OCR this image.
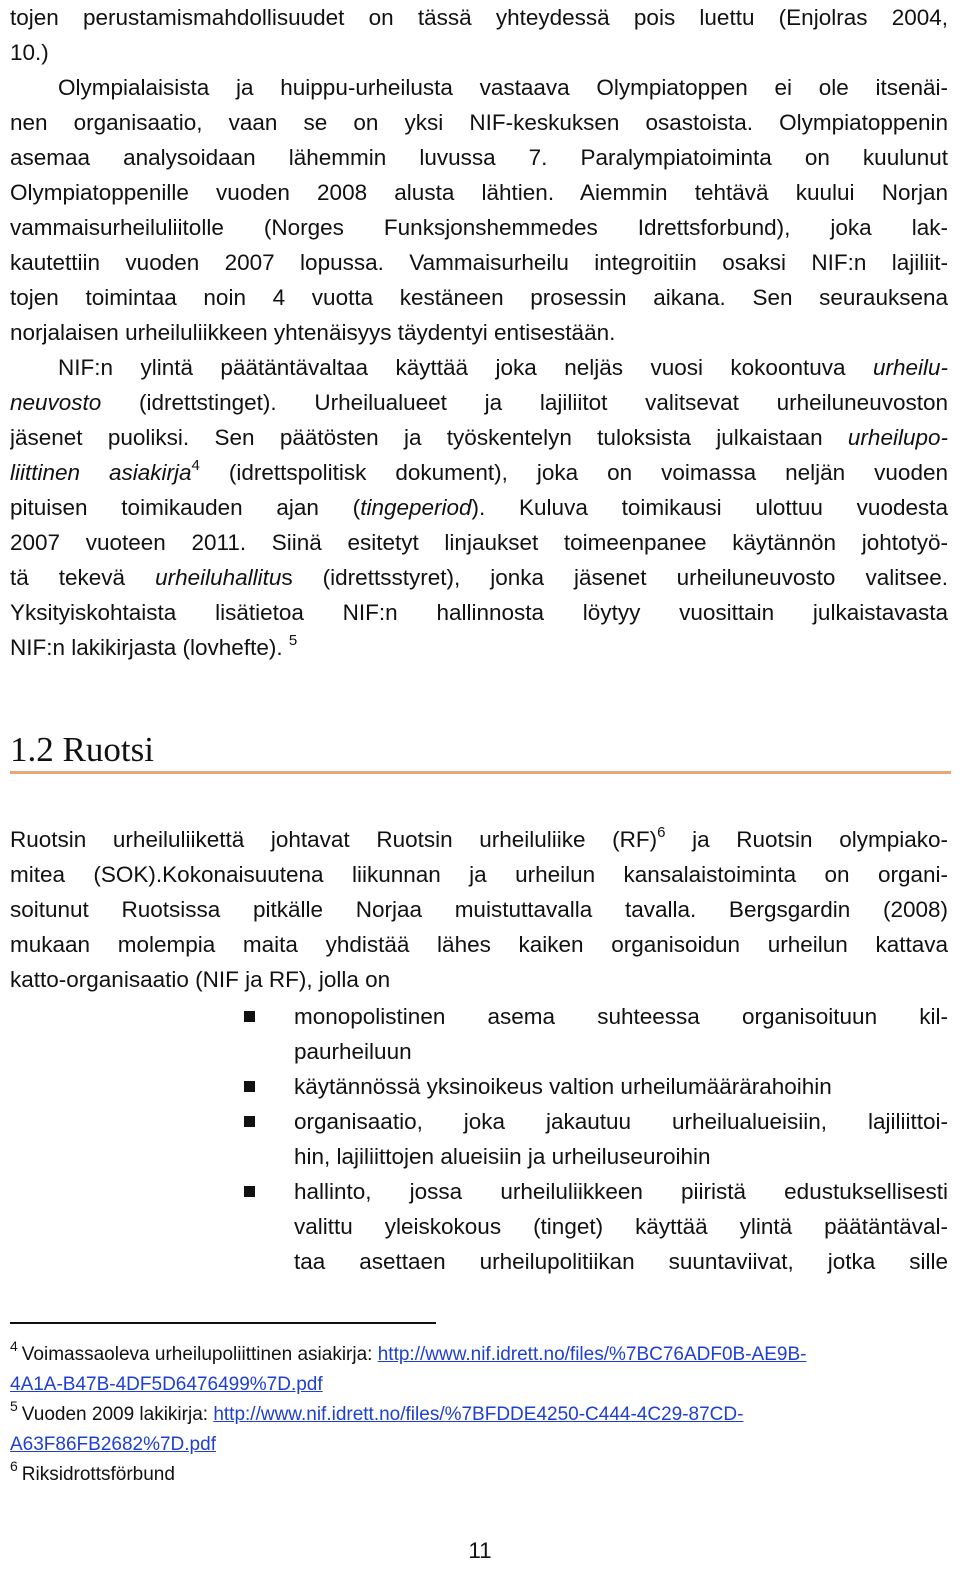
tojen perustamismahdollisuudet on tässä yhteydessä pois luettu (Enjolras 2004,
10.)
Olympialaisista ja huippu-urheilusta vastaava Olympiatoppen ei ole itsenäi-
nen organisaatio, vaan se on yksi NIF-keskuksen osastoista. Olympiatoppenin
asemaa analysoidaan lähemmin luvussa 7. Paralympiatoiminta on kuulunut
Olympiatoppenille vuoden 2008 alusta lähtien. Aiemmin tehtävä kuului Norjan
vammaisurheiluliitolle (Norges Funksjonshemmedes Idrettsforbund), joka lak-
kautettiin vuoden 2007 lopussa. Vammaisurheilu integroitiin osaksi NIF:n lajiliit-
tojen toimintaa noin 4 vuotta kestäneen prosessin aikana. Sen seurauksena
norjalaisen urheiluliikkeen yhtenäisyys täydentyi entisestään.
NIF:n ylintä päätäntävaltaa käyttää joka neljäs vuosi kokoontuva urheilu-
neuvosto (idrettstinget). Urheilualueet ja lajiliitot valitsevat urheiluneuvoston
jäsenet puoliksi. Sen päätösten ja työskentelyn tuloksista julkaistaan urheilupo-
liittinen asiakirja$^4$ (idrettspolitisk dokument), joka on voimassa neljän vuoden
pituisen toimikauden ajan (tingeperiod). Kuluva toimikausi ulottuu vuodesta
2007 vuoteen 2011. Siinä esitetyt linjaukset toimeenpanee käytännön johtotyö-
tä tekevä urheiluhallitus (idrettsstyret), jonka jäsenet urheiluneuvosto valitsee.
Yksityiskohtaista lisätietoa NIF:n hallinnosta löytyy vuosittain julkaistavasta
NIF:n lakikirjasta (lovhefte). $^5$
1.2 Ruotsi
Ruotsin urheiluliikettä johtavat Ruotsin urheiluliike (RF)$^6$ ja Ruotsin olympiako-
mitea (SOK).Kokonaisuutena liikunnan ja urheilun kansalaistoiminta on organi-
soitunut Ruotsissa pitkälle Norjaa muistuttavalla tavalla. Bergsgardin (2008)
mukaan molempia maita yhdistää lähes kaiken organisoidun urheilun kattava
katto-organisaatio (NIF ja RF), jolla on
monopolistinen asema suhteessa organisoituun kil-
paurheiluun
käytännössä yksinoikeus valtion urheilumäärärahoihin
organisaatio, joka jakautuu urheilualueisiin, lajiliittoi-
hin, lajiliittojen alueisiin ja urheiluseuroihin
hallinto, jossa urheiluliikkeen piiristä edustuksellisesti
valittu yleiskokous (tinget) käyttää ylintä päätäntäval-
taa asettaen urheilupolitiikan suuntaviivat, jotka sille
$^4$ Voimassaoleva urheilupoliittinen asiakirja: http://www.nif.idrett.no/files/%7BC76ADF0B-AE9B-
4A1A-B47B-4DF5D6476499%7D.pdf
$^5$ Vuoden 2009 lakikirja: http://www.nif.idrett.no/files/%7BFDDE4250-C444-4C29-87CD-
A63F86FB2682%7D.pdf
$^6$ Riksidrottsförbund
11
